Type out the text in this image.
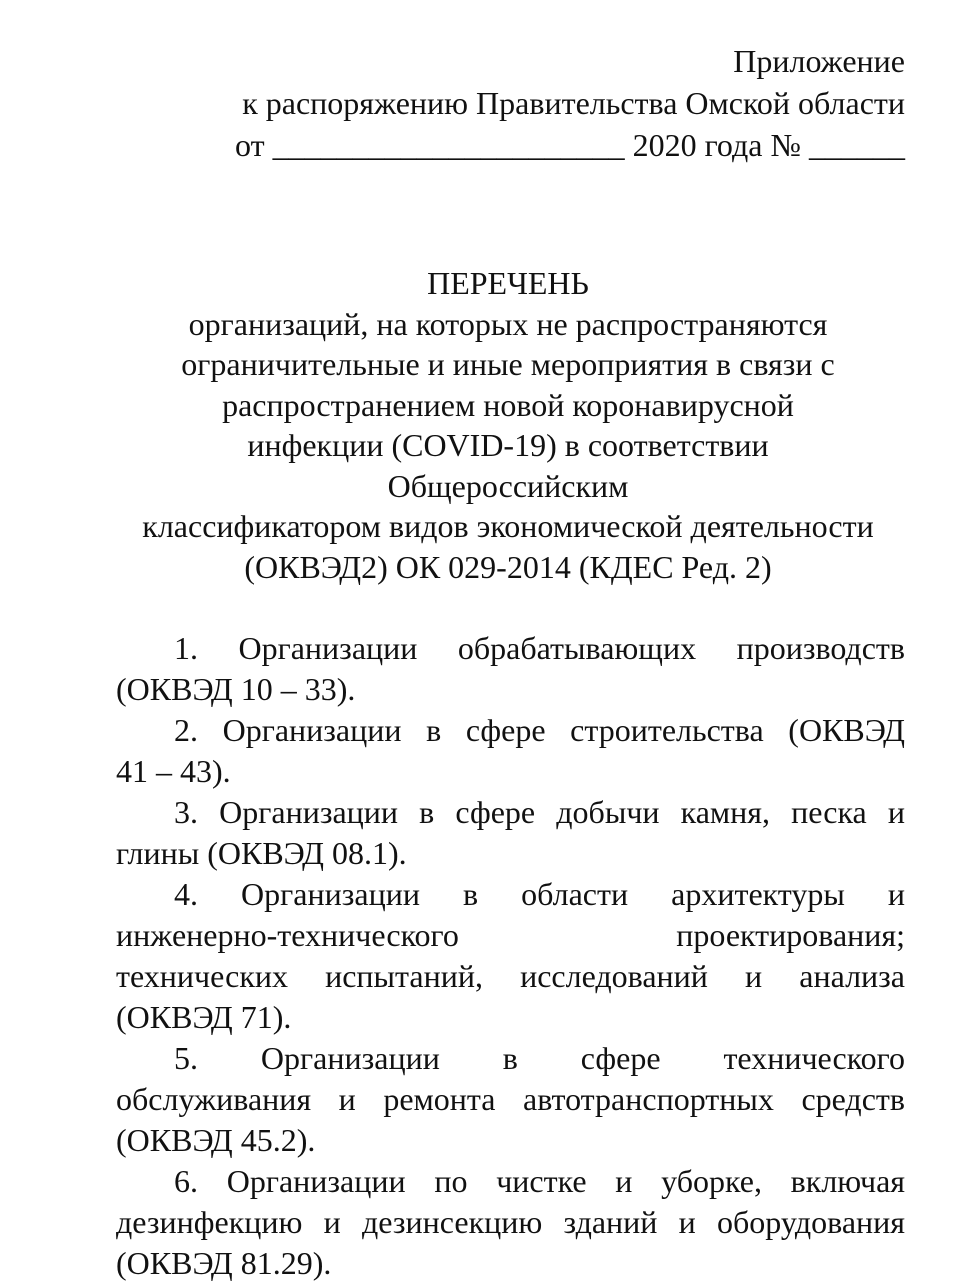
Приложение
к распоряжению Правительства Омской области
от ______________________ 2020 года № ______
ПЕРЕЧЕНЬ
организаций, на которых не распространяются
ограничительные и иные мероприятия в связи с
распространением новой коронавирусной
инфекции (COVID-19) в соответствии
Общероссийским
классификатором видов экономической деятельности
(ОКВЭД2) ОК 029-2014 (КДЕС Ред. 2)
1. Организации обрабатывающих производств
(ОКВЭД 10 – 33).
2. Организации в сфере строительства (ОКВЭД
41 – 43).
3. Организации в сфере добычи камня, песка и
глины (ОКВЭД 08.1).
4. Организации в области архитектуры и
инженерно-технического проектирования;
технических испытаний, исследований и анализа
(ОКВЭД 71).
5. Организации в сфере технического
обслуживания и ремонта автотранспортных средств
(ОКВЭД 45.2).
6. Организации по чистке и уборке, включая
дезинфекцию и дезинсекцию зданий и оборудования
(ОКВЭД 81.29).
